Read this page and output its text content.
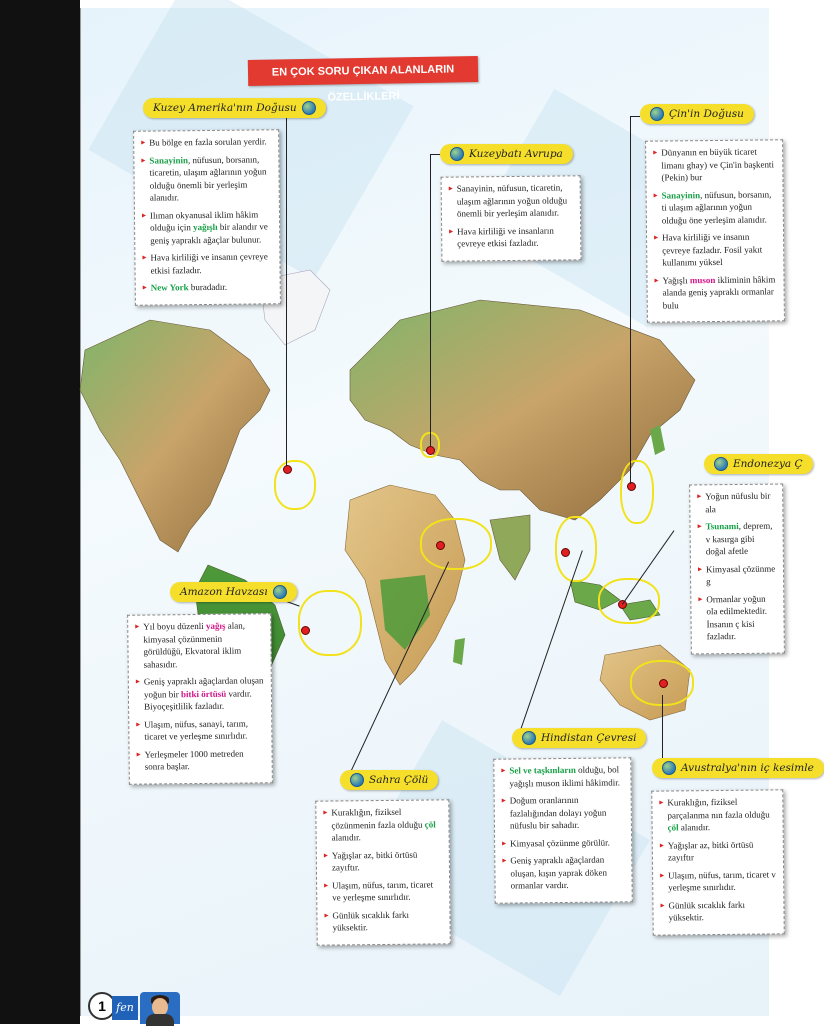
EN ÇOK SORU ÇIKAN ALANLARIN ÖZELLİKLERİ
Kuzey Amerika'nın Doğusu
▸ Bu bölge en fazla sorulan yerdir.
▸ Sanayinin, nüfusun, borsanın, ticaretin, ulaşım ağlarının yoğun olduğu önemli bir yerleşim alanıdır.
▸ Ilıman okyanusal iklim hâkim olduğu için yağışlı bir alandır ve geniş yapraklı ağaçlar bulunur.
▸ Hava kirliliği ve insanın çevreye etkisi fazladır.
▸ New York buradadır.
Kuzeybatı Avrupa
▸ Sanayinin, nüfusun, ticaretin, ulaşım ağlarının yoğun olduğu önemli bir yerleşim alanıdır.
▸ Hava kirliliği ve insanların çevreye etkisi fazladır.
Çin'in Doğusu
▸ Dünyanın en büyük ticaret limanı ghay) ve Çin'in başkenti (Pekin) bur
▸ Sanayinin, nüfusun, borsanın, ti ulaşım ağlarının yoğun olduğu öne yerleşim alanıdır.
▸ Hava kirliliği ve insanın çevreye fazladır. Fosil yakıt kullanımı yüksel
▸ Yağışlı muson ikliminin hâkim alanda geniş yapraklı ormanlar bulu
Endonezya Ç
▸ Yoğun nüfuslu bir ala
▸ Tsunami, deprem, v kasırga gibi doğal afetle
▸ Kimyasal çözünme g
▸ Ormanlar yoğun ola edilmektedir. İnsanın ç kisi fazladır.
Amazon Havzası
▸ Yıl boyu düzenli yağış alan, kimyasal çözünmenin görüldüğü, Ekvatoral iklim sahasıdır.
▸ Geniş yapraklı ağaçlardan oluşan yoğun bir bitki örtüsü vardır. Biyoçeşitlilik fazladır.
▸ Ulaşım, nüfus, sanayi, tarım, ticaret ve yerleşme sınırlıdır.
▸ Yerleşmeler 1000 metreden sonra başlar.
Sahra Çölü
▸ Kuraklığın, fiziksel çözünmenin fazla olduğu çöl alanıdır.
▸ Yağışlar az, bitki örtüsü zayıftır.
▸ Ulaşım, nüfus, tarım, ticaret ve yerleşme sınırlıdır.
▸ Günlük sıcaklık farkı yüksektir.
Hindistan Çevresi
▸ Sel ve taşkınların olduğu, bol yağışlı muson iklimi hâkimdir.
▸ Doğum oranlarının fazlalığından dolayı yoğun nüfuslu bir sahadır.
▸ Kimyasal çözünme görülür.
▸ Geniş yapraklı ağaçlardan oluşan, kışın yaprak döken ormanlar vardır.
Avustralya'nın iç kesimle
▸ Kuraklığın, fiziksel parçalanma nın fazla olduğu çöl alanıdır.
▸ Yağışlar az, bitki örtüsü zayıftır
▸ Ulaşım, nüfus, tarım, ticaret v yerleşme sınırlıdır.
▸ Günlük sıcaklık farkı yüksektir.
1 fen
